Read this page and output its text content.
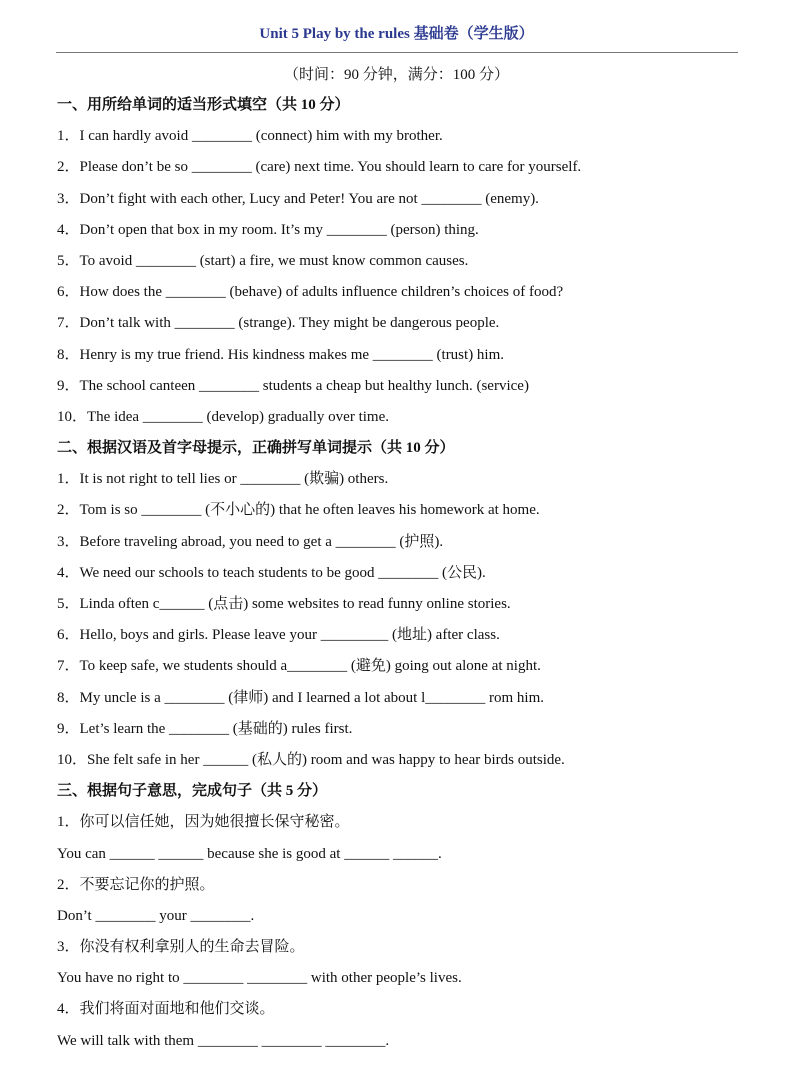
Unit 5 Play by the rules 基础卷（学生版）
（时间：90 分钟，满分：100 分）
一、用所给单词的适当形式填空（共 10 分）
1．I can hardly avoid ________ (connect) him with my brother.
2．Please don’t be so ________ (care) next time. You should learn to care for yourself.
3．Don’t fight with each other, Lucy and Peter! You are not ________ (enemy).
4．Don’t open that box in my room. It’s my ________ (person) thing.
5．To avoid ________ (start) a fire, we must know common causes.
6．How does the ________ (behave) of adults influence children’s choices of food?
7．Don’t talk with ________ (strange). They might be dangerous people.
8．Henry is my true friend. His kindness makes me ________ (trust) him.
9．The school canteen ________ students a cheap but healthy lunch. (service)
10．The idea ________ (develop) gradually over time.
二、根据汉语及首字母提示，正确拼写单词提示（共 10 分）
1．It is not right to tell lies or ________ (欺骗) others.
2．Tom is so ________ (不小心的) that he often leaves his homework at home.
3．Before traveling abroad, you need to get a ________ (护照).
4．We need our schools to teach students to be good ________ (公民).
5．Linda often c______ (点击) some websites to read funny online stories.
6．Hello, boys and girls. Please leave your _________ (地址) after class.
7．To keep safe, we students should a________ (避免) going out alone at night.
8．My uncle is a ________ (律师) and I learned a lot about l________ rom him.
9．Let’s learn the ________ (基础的) rules first.
10．She felt safe in her ______ (私人的) room and was happy to hear birds outside.
三、根据句子意思，完成句子（共 5 分）
1．你可以信任她，因为她很擅长保守秘密。
You can ______ ______ because she is good at ______ ______.
2．不要忘记你的护照。
Don’t ________ your ________.
3．你没有权利拿别人的生命去冒险。
You have no right to ________ ________ with other people’s lives.
4．我们将面对面地和他们交谈。
We will talk with them ________ ________ ________.
